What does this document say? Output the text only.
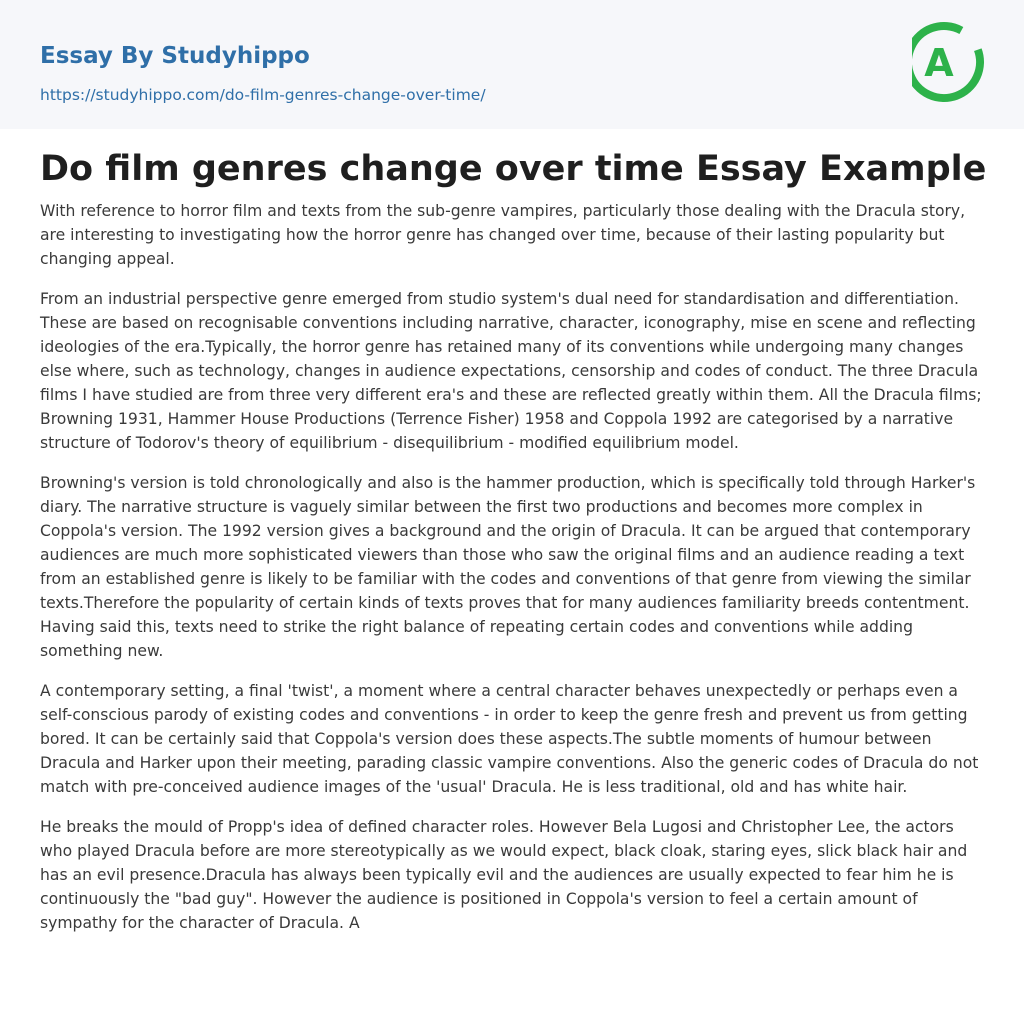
Essay By Studyhippo
https://studyhippo.com/do-film-genres-change-over-time/
A
Do film genres change over time Essay Example

With reference to horror film and texts from the sub-genre vampires, particularly those dealing with the Dracula story, are interesting to investigating how the horror genre has changed over time, because of their lasting popularity but changing appeal.

From an industrial perspective genre emerged from studio system's dual need for standardisation and differentiation. These are based on recognisable conventions including narrative, character, iconography, mise en scene and reflecting ideologies of the era.Typically, the horror genre has retained many of its conventions while undergoing many changes else where, such as technology, changes in audience expectations, censorship and codes of conduct. The three Dracula films I have studied are from three very different era's and these are reflected greatly within them. All the Dracula films; Browning 1931, Hammer House Productions (Terrence Fisher) 1958 and Coppola 1992 are categorised by a narrative structure of Todorov's theory of equilibrium - disequilibrium - modified equilibrium model.

Browning's version is told chronologically and also is the hammer production, which is specifically told through Harker's diary. The narrative structure is vaguely similar between the first two productions and becomes more complex in Coppola's version. The 1992 version gives a background and the origin of Dracula. It can be argued that contemporary audiences are much more sophisticated viewers than those who saw the original films and an audience reading a text from an established genre is likely to be familiar with the codes and conventions of that genre from viewing the similar texts.Therefore the popularity of certain kinds of texts proves that for many audiences familiarity breeds contentment. Having said this, texts need to strike the right balance of repeating certain codes and conventions while adding something new.

A contemporary setting, a final 'twist', a moment where a central character behaves unexpectedly or perhaps even a self-conscious parody of existing codes and conventions - in order to keep the genre fresh and prevent us from getting bored. It can be certainly said that Coppola's version does these aspects.The subtle moments of humour between Dracula and Harker upon their meeting, parading classic vampire conventions. Also the generic codes of Dracula do not match with pre-conceived audience images of the 'usual' Dracula. He is less traditional, old and has white hair.

He breaks the mould of Propp's idea of defined character roles. However Bela Lugosi and Christopher Lee, the actors who played Dracula before are more stereotypically as we would expect, black cloak, staring eyes, slick black hair and has an evil presence.Dracula has always been typically evil and the audiences are usually expected to fear him he is continuously the "bad guy". However the audience is positioned in Coppola's version to feel a certain amount of sympathy for the character of Dracula. A
